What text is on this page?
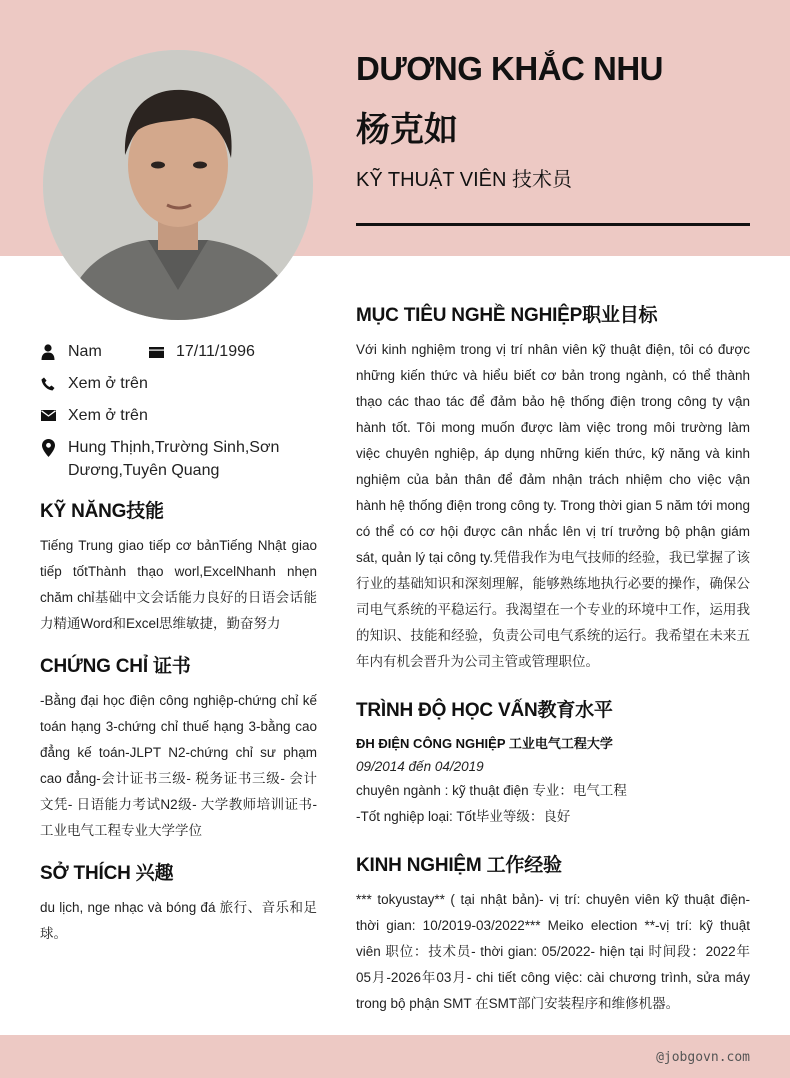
DƯƠNG KHẮC NHU
杨克如
KỸ THUẬT VIÊN 技术员
Nam	17/11/1996
Xem ở trên
Xem ở trên
Hung Thịnh,Trường Sinh,Sơn Dương,Tuyên Quang
KỸ NĂNG技能
Tiếng Trung giao tiếp cơ bảnTiếng Nhật giao tiếp tốtThành thạo worl,ExcelNhanh nhẹn chăm chỉ基础中文会话能力良好的日语会话能力精通Word和Excel思维敏捷，勤奋努力
CHỨNG CHỈ 证书
-Bằng đại học điện công nghiệp-chứng chỉ kế toán hạng 3-chứng chỉ thuế hạng 3-bằng cao đẳng kế toán-JLPT N2-chứng chỉ sư phạm cao đẳng-会计证书三级- 税务证书三级- 会计文凭- 日语能力考试N2级- 大学教师培训证书-工业电气工程专业大学学位
SỞ THÍCH 兴趣
du lịch, nge nhạc và bóng đá 旅行、音乐和足球。
MỤC TIÊU NGHỀ NGHIỆP职业目标
Với kinh nghiệm trong vị trí nhân viên kỹ thuật điện, tôi có được những kiến thức và hiểu biết cơ bản trong ngành, có thể thành thạo các thao tác để đảm bảo hệ thống điện trong công ty vận hành tốt. Tôi mong muốn được làm việc trong môi trường làm việc chuyên nghiệp, áp dụng những kiến thức, kỹ năng và kinh nghiệm của bản thân để đảm nhận trách nhiệm cho việc vận hành hệ thống điện trong công ty. Trong thời gian 5 năm tới mong có thể có cơ hội được cân nhắc lên vị trí trưởng bộ phận giám sát, quản lý tại công ty.凭借我作为电气技师的经验，我已掌握了该行业的基础知识和深刻理解，能够熟练地执行必要的操作，确保公司电气系统的平稳运行。我渴望在一个专业的环境中工作，运用我的知识、技能和经验，负责公司电气系统的运行。我希望在未来五年内有机会晋升为公司主管或管理职位。
TRÌNH ĐỘ HỌC VẤN教育水平
ĐH ĐIỆN CÔNG NGHIỆP 工业电气工程大学
09/2014 đến 04/2019
chuyên ngành : kỹ thuật điện 专业：电气工程
-Tốt nghiệp loại: Tốt毕业等级：良好
KINH NGHIỆM 工作经验
*** tokyustay** ( tại nhật bản)- vị trí: chuyên viên kỹ thuật điện- thời gian: 10/2019-03/2022*** Meiko election **-vị trí: kỹ thuật viên 职位：技术员- thời gian: 05/2022- hiện tại 时间段：2022年05月-2026年03月- chi tiết công việc: cài chương trình, sửa máy trong bộ phận SMT 在SMT部门安装程序和维修机器。
@jobgovn.com
